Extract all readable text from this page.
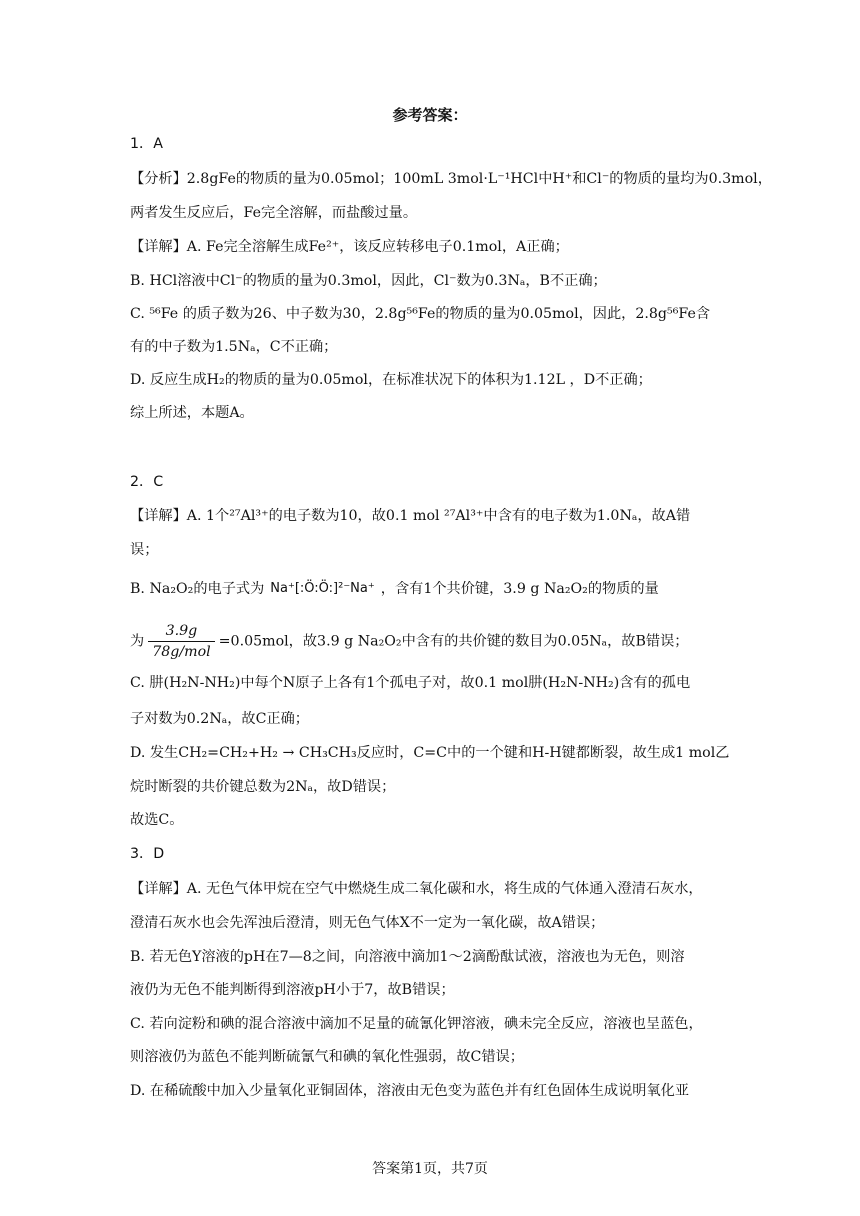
参考答案：
1．A
【分析】2.8gFe的物质的量为0.05mol；100mL 3mol·L⁻¹HCl中H⁺和Cl⁻的物质的量均为0.3mol，
两者发生反应后，Fe完全溶解，而盐酸过量。
【详解】A. Fe完全溶解生成Fe²⁺，该反应转移电子0.1mol，A正确；
B. HCl溶液中Cl⁻的物质的量为0.3mol，因此，Cl⁻数为0.3Nₐ，B不正确；
C. ⁵⁶Fe 的质子数为26、中子数为30，2.8g⁵⁶Fe的物质的量为0.05mol，因此，2.8g⁵⁶Fe含
有的中子数为1.5Nₐ，C不正确；
D. 反应生成H₂的物质的量为0.05mol，在标准状况下的体积为1.12L ，D不正确；
综上所述，本题A。
2．C
【详解】A. 1个²⁷Al³⁺的电子数为10，故0.1 mol ²⁷Al³⁺中含有的电子数为1.0Nₐ，故A错
误；
B. Na₂O₂的电子式为 Na⁺[:Ö:Ö:]²⁻Na⁺ ，含有1个共价键，3.9 g Na₂O₂的物质的量
为 $\frac{3.9g}{\text{78g/mol}} =0.05mol$，故3.9 g Na₂O₂中含有的共价键的数目为0.05Nₐ，故B错误；
C. 肼(H₂N-NH₂)中每个N原子上各有1个孤电子对，故0.1 mol肼(H₂N-NH₂)含有的孤电
子对数为0.2Nₐ，故C正确；
D. 发生CH₂=CH₂+H₂ → CH₃CH₃反应时，C=C中的一个键和H-H键都断裂，故生成1 mol乙
烷时断裂的共价键总数为2Nₐ，故D错误；
故选C。
3．D
【详解】A. 无色气体甲烷在空气中燃烧生成二氧化碳和水，将生成的气体通入澄清石灰水，
澄清石灰水也会先浑浊后澄清，则无色气体X不一定为一氧化碳，故A错误；
B. 若无色Y溶液的pH在7—8之间，向溶液中滴加1～2滴酚酞试液，溶液也为无色，则溶
液仍为无色不能判断得到溶液pH小于7，故B错误；
C. 若向淀粉和碘的混合溶液中滴加不足量的硫氰化钾溶液，碘未完全反应，溶液也呈蓝色，
则溶液仍为蓝色不能判断硫氰气和碘的氧化性强弱，故C错误；
D. 在稀硫酸中加入少量氧化亚铜固体，溶液由无色变为蓝色并有红色固体生成说明氧化亚
答案第1页，共7页
